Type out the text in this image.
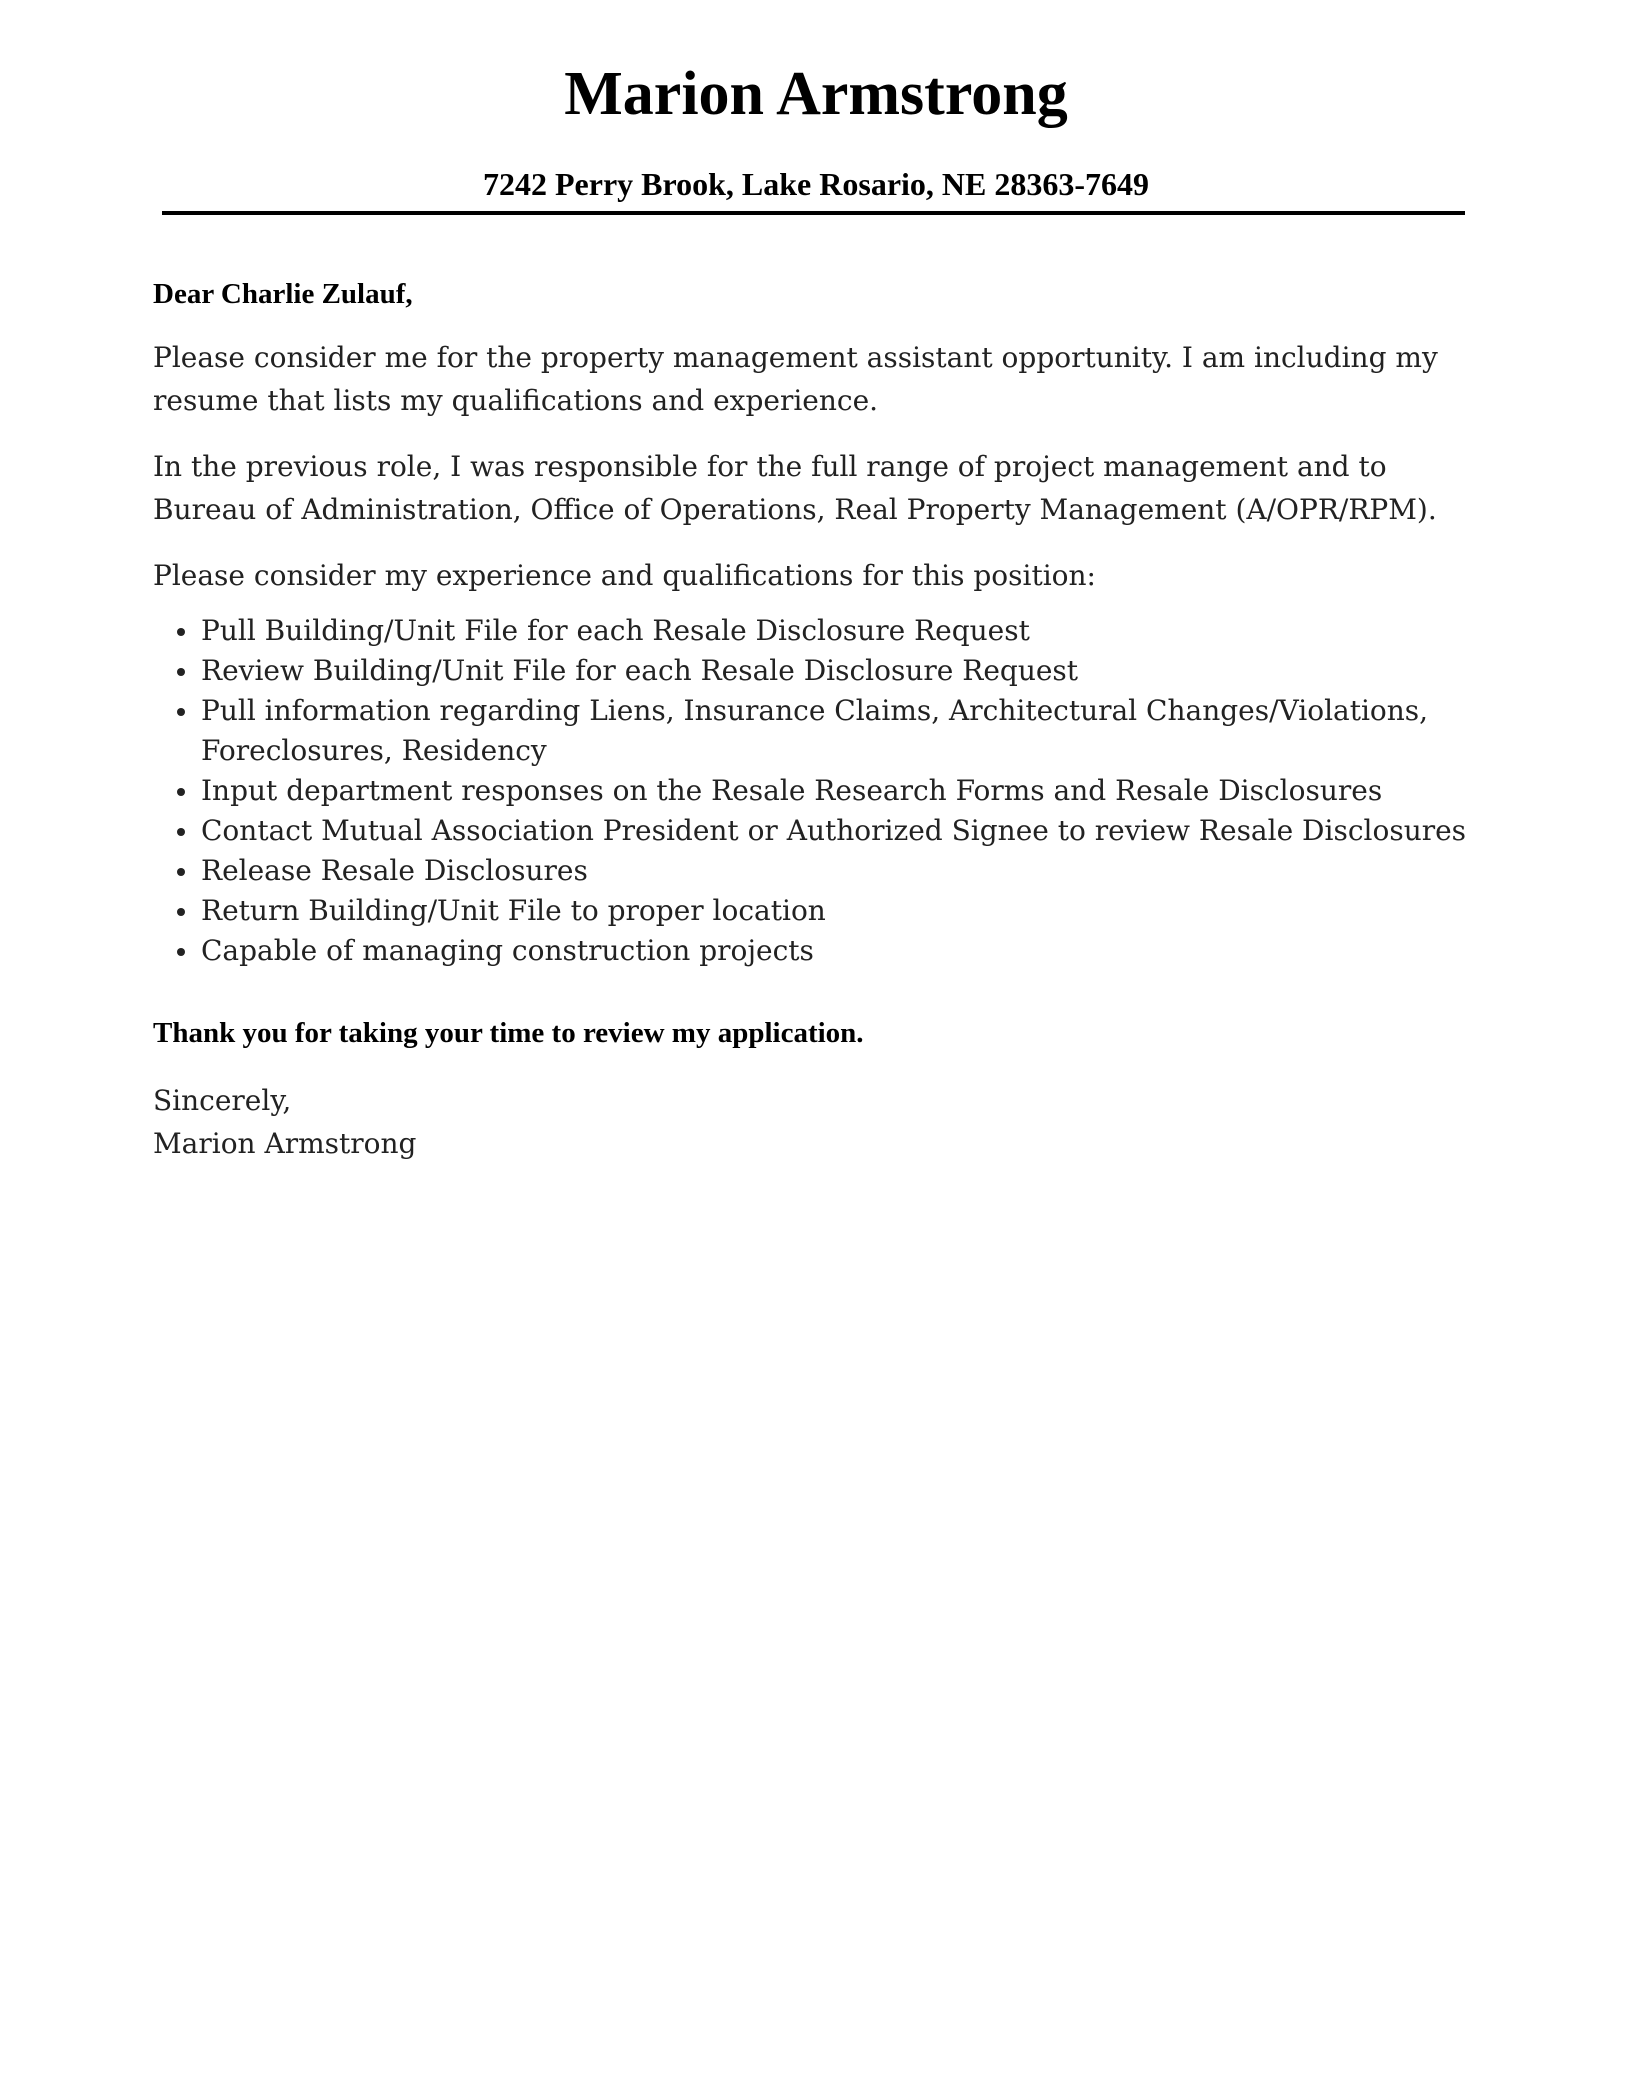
Marion Armstrong
7242 Perry Brook, Lake Rosario, NE 28363-7649

Dear Charlie Zulauf,

Please consider me for the property management assistant opportunity. I am including my resume that lists my qualifications and experience.

In the previous role, I was responsible for the full range of project management and to Bureau of Administration, Office of Operations, Real Property Management (A/OPR/RPM).

Please consider my experience and qualifications for this position:

Pull Building/Unit File for each Resale Disclosure Request
Review Building/Unit File for each Resale Disclosure Request
Pull information regarding Liens, Insurance Claims, Architectural Changes/Violations, Foreclosures, Residency
Input department responses on the Resale Research Forms and Resale Disclosures
Contact Mutual Association President or Authorized Signee to review Resale Disclosures
Release Resale Disclosures
Return Building/Unit File to proper location
Capable of managing construction projects

Thank you for taking your time to review my application.

Sincerely,

Marion Armstrong
